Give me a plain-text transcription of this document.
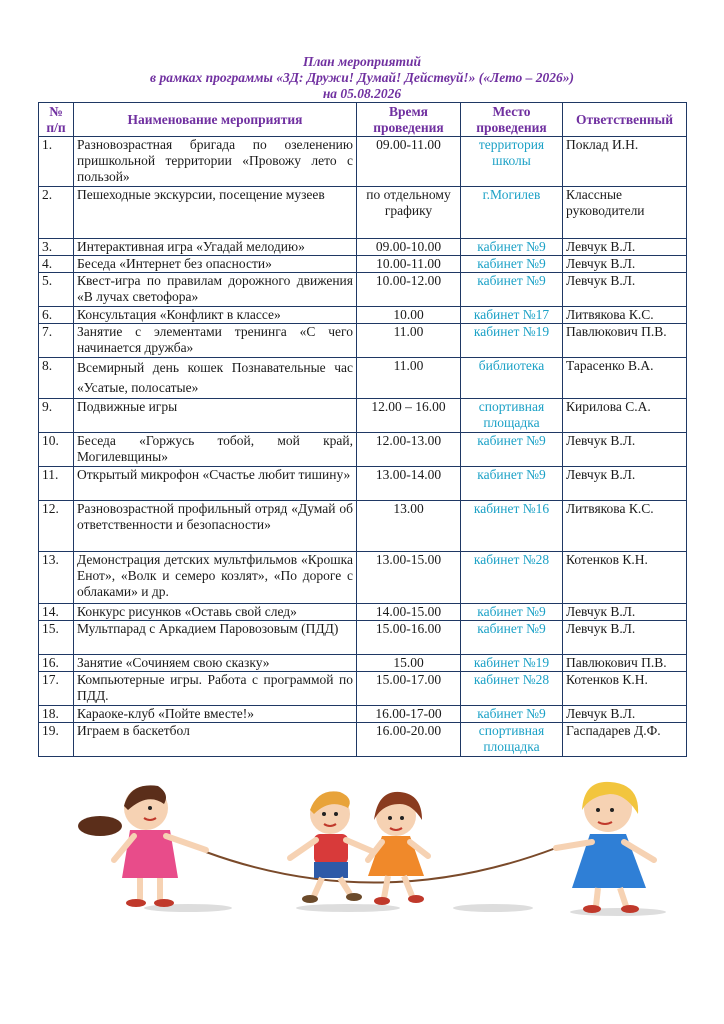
План мероприятий
в рамках программы «3Д: Дружи! Думай! Действуй!» («Лето – 2026»)
на 05.08.2026
№ п/п	Наименование мероприятия	Время проведения	Место проведения	Ответственный
1.	Разновозрастная бригада по озеленению пришкольной территории «Провожу лето с пользой»	09.00-11.00	территория школы	Поклад И.Н.
2.	Пешеходные экскурсии, посещение музеев	по отдельному графику	г.Могилев	Классные руководители
3.	Интерактивная игра «Угадай мелодию»	09.00-10.00	кабинет №9	Левчук В.Л.
4.	Беседа «Интернет без опасности»	10.00-11.00	кабинет №9	Левчук В.Л.
5.	Квест-игра по правилам дорожного движения «В лучах светофора»	10.00-12.00	кабинет №9	Левчук В.Л.
6.	Консультация «Конфликт в классе»	10.00	кабинет №17	Литвякова К.С.
7.	Занятие с элементами тренинга «С чего начинается дружба»	11.00	кабинет №19	Павлюкович П.В.
8.	Всемирный день кошек Познавательные час «Усатые, полосатые»	11.00	библиотека	Тарасенко В.А.
9.	Подвижные игры	12.00 – 16.00	спортивная площадка	Кирилова С.А.
10.	Беседа «Горжусь тобой, мой край, Могилевщины»	12.00-13.00	кабинет №9	Левчук В.Л.
11.	Открытый микрофон «Счастье любит тишину»	13.00-14.00	кабинет №9	Левчук В.Л.
12.	Разновозрастной профильный отряд «Думай об ответственности и безопасности»	13.00	кабинет №16	Литвякова К.С.
13.	Демонстрация детских мультфильмов «Крошка Енот», «Волк и семеро козлят», «По дороге с облаками» и др.	13.00-15.00	кабинет №28	Котенков К.Н.
14.	Конкурс рисунков «Оставь свой след»	14.00-15.00	кабинет №9	Левчук В.Л.
15.	Мультпарад с Аркадием Паровозовым (ПДД)	15.00-16.00	кабинет №9	Левчук В.Л.
16.	Занятие «Сочиняем свою сказку»	15.00	кабинет №19	Павлюкович П.В.
17.	Компьютерные игры. Работа с программой по ПДД.	15.00-17.00	кабинет №28	Котенков К.Н.
18.	Караоке-клуб «Пойте вместе!»	16.00-17-00	кабинет №9	Левчук В.Л.
19.	Играем в баскетбол	16.00-20.00	спортивная площадка	Гаспадарев Д.Ф.
